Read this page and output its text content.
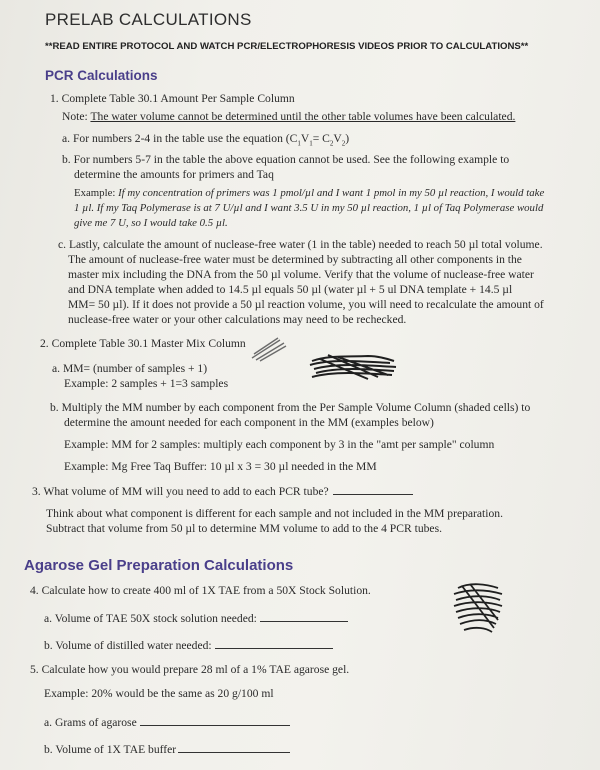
PRELAB CALCULATIONS
**READ ENTIRE PROTOCOL AND WATCH PCR/ELECTROPHORESIS VIDEOS PRIOR TO CALCULATIONS**
PCR Calculations
1. Complete Table 30.1 Amount Per Sample Column
Note: The water volume cannot be determined until the other table volumes have been calculated.
a. For numbers 2-4 in the table use the equation $(C_1V_1= C_2V_2)$
b. For numbers 5-7 in the table the above equation cannot be used. See the following example to
determine the amounts for primers and Taq
Example: If my concentration of primers was 1 pmol/µl and I want 1 pmol in my 50 µl reaction, I would take
1 µl. If my Taq Polymerase is at 7 U/µl and I want 3.5 U in my 50 µl reaction, 1 µl of Taq Polymerase would
give me 7 U, so I would take 0.5 µl.
c. Lastly, calculate the amount of nuclease-free water (1 in the table) needed to reach 50 µl total volume.
The amount of nuclease-free water must be determined by subtracting all other components in the
master mix including the DNA from the 50 µl volume. Verify that the volume of nuclease-free water
and DNA template when added to 14.5 µl equals 50 µl (water µl + 5 ul DNA template + 14.5 µl
MM= 50 µl). If it does not provide a 50 µl reaction volume, you will need to recalculate the amount of
nuclease-free water or your other calculations may need to be rechecked.
2. Complete Table 30.1 Master Mix Column
a. MM= (number of samples + 1)
Example: 2 samples + 1=3 samples
b. Multiply the MM number by each component from the Per Sample Volume Column (shaded cells) to
determine the amount needed for each component in the MM (examples below)
Example: MM for 2 samples: multiply each component by 3 in the "amt per sample" column
Example: Mg Free Taq Buffer: 10 µl x 3 = 30 µl needed in the MM
3. What volume of MM will you need to add to each PCR tube?
Think about what component is different for each sample and not included in the MM preparation.
Subtract that volume from 50 µl to determine MM volume to add to the 4 PCR tubes.
Agarose Gel Preparation Calculations
4. Calculate how to create 400 ml of 1X TAE from a 50X Stock Solution.
a. Volume of TAE 50X stock solution needed:
b. Volume of distilled water needed:
5. Calculate how you would prepare 28 ml of a 1% TAE agarose gel.
Example: 20% would be the same as 20 g/100 ml
a. Grams of agarose
b. Volume of 1X TAE buffer
